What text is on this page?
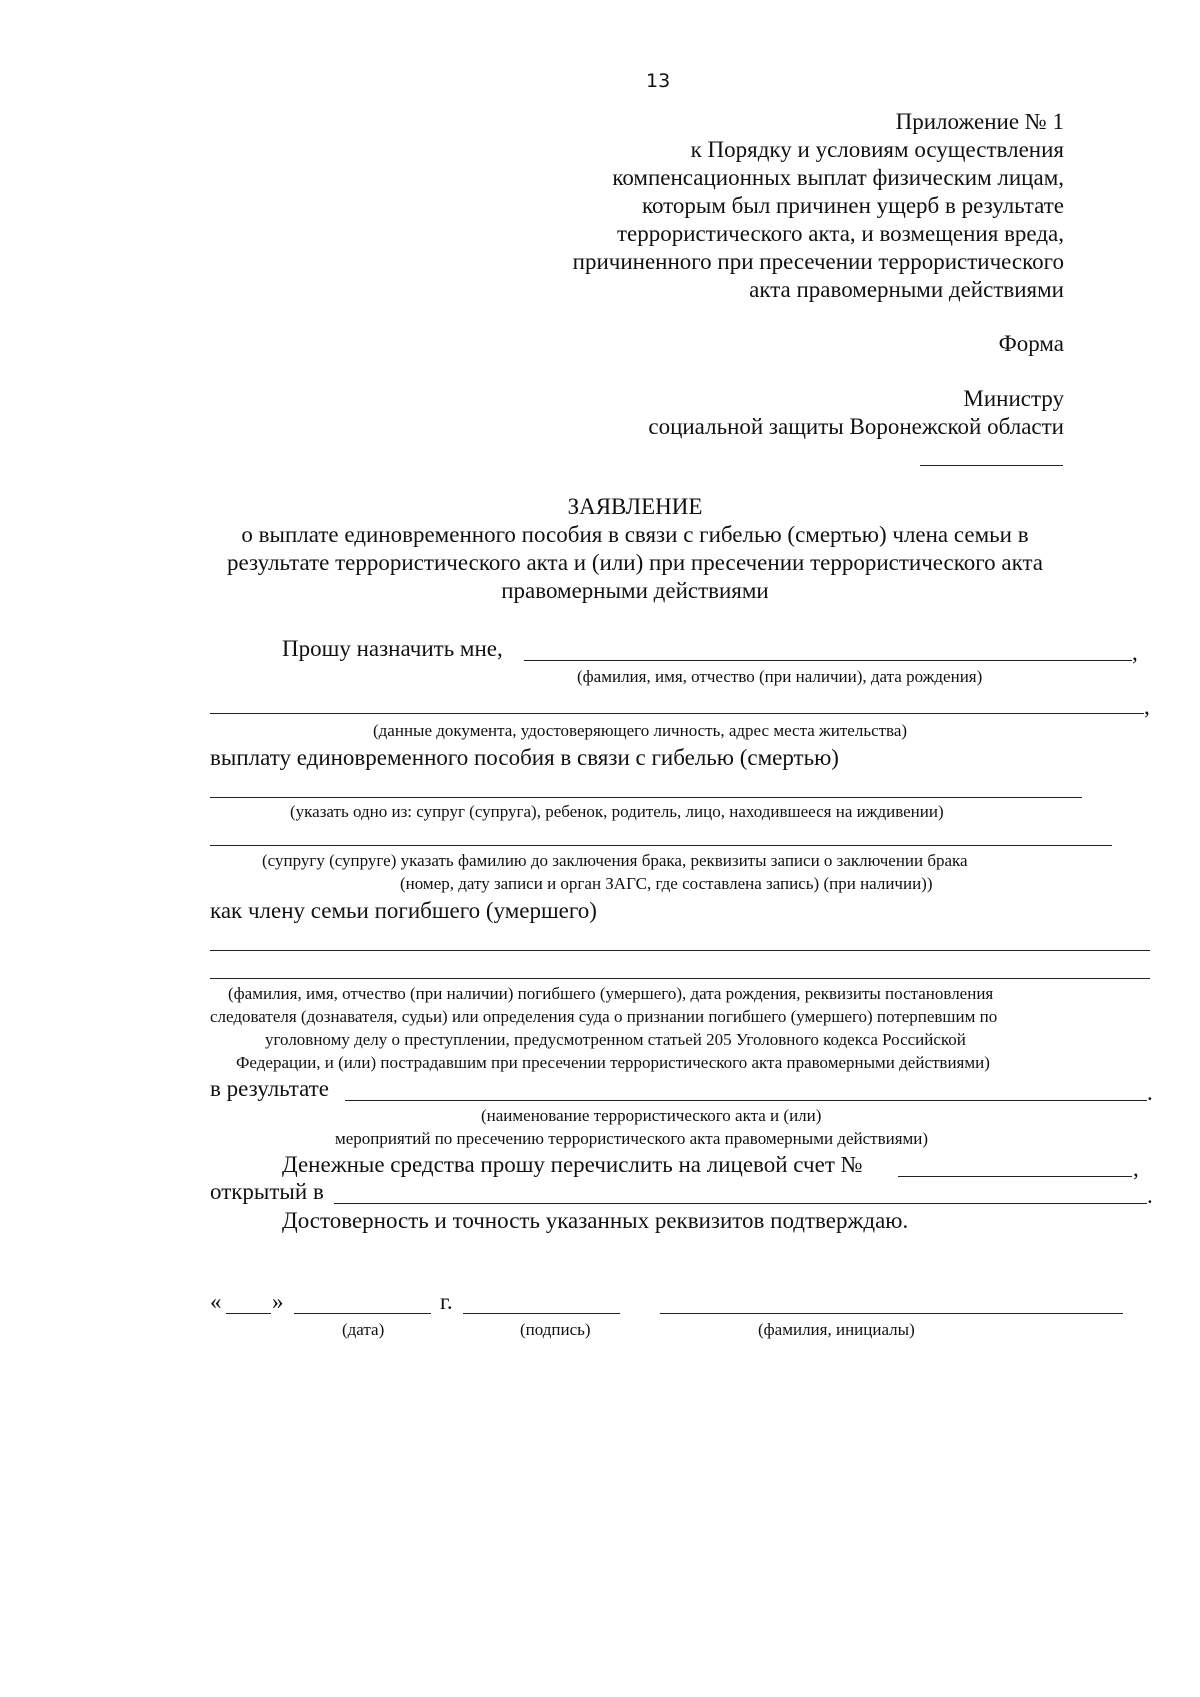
13
Приложение № 1
к Порядку и условиям осуществления
компенсационных выплат физическим лицам,
которым был причинен ущерб в результате
террористического акта, и возмещения вреда,
причиненного при пресечении террористического
акта правомерными действиями
Форма
Министру
социальной защиты Воронежской области
ЗАЯВЛЕНИЕ
о выплате единовременного пособия в связи с гибелью (смертью) члена семьи в
результате террористического акта и (или) при пресечении террористического акта
правомерными действиями
Прошу назначить мне,	,
(фамилия, имя, отчество (при наличии), дата рождения)
,
(данные документа, удостоверяющего личность, адрес места жительства)
выплату единовременного пособия в связи с гибелью (смертью)
(указать одно из: супруг (супруга), ребенок, родитель, лицо, находившееся на иждивении)
(супругу (супруге) указать фамилию до заключения брака, реквизиты записи о заключении брака
(номер, дату записи и орган ЗАГС, где составлена запись) (при наличии))
как члену семьи погибшего (умершего)
(фамилия, имя, отчество (при наличии) погибшего (умершего), дата рождения, реквизиты постановления
следователя (дознавателя, судьи) или определения суда о признании погибшего (умершего) потерпевшим по
уголовному делу о преступлении, предусмотренном статьей 205 Уголовного кодекса Российской
Федерации, и (или) пострадавшим при пресечении террористического акта правомерными действиями)
в результате	.
(наименование террористического акта и (или)
мероприятий по пресечению террористического акта правомерными действиями)
Денежные средства прошу перечислить на лицевой счет №	,
открытый в	.
Достоверность и точность указанных реквизитов подтверждаю.
« »	г.
(дата)	(подпись)	(фамилия, инициалы)
